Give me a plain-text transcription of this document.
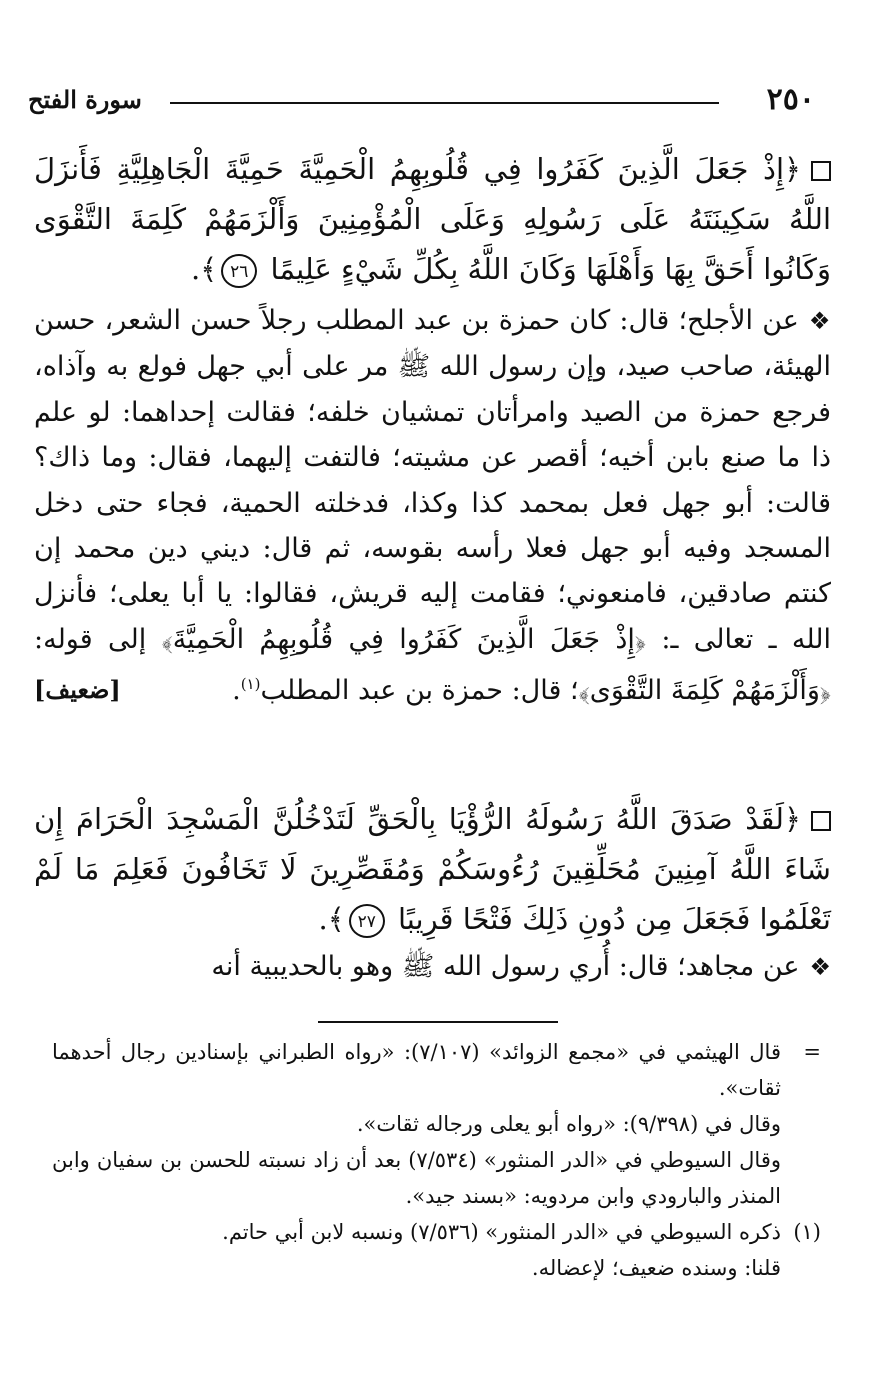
٢٥٠
سورة الفتح
﴿إِذْ جَعَلَ الَّذِينَ كَفَرُوا فِي قُلُوبِهِمُ الْحَمِيَّةَ حَمِيَّةَ الْجَاهِلِيَّةِ فَأَنزَلَ اللَّهُ سَكِينَتَهُ عَلَى رَسُولِهِ وَعَلَى الْمُؤْمِنِينَ وَأَلْزَمَهُمْ كَلِمَةَ التَّقْوَى وَكَانُوا أَحَقَّ بِهَا وَأَهْلَهَا وَكَانَ اللَّهُ بِكُلِّ شَيْءٍ عَلِيمًا ٢٦﴾.
❖عن الأجلح؛ قال: كان حمزة بن عبد المطلب رجلاً حسن الشعر، حسن الهيئة، صاحب صيد، وإن رسول الله ﷺ مر على أبي جهل فولع به وآذاه، فرجع حمزة من الصيد وامرأتان تمشيان خلفه؛ فقالت إحداهما: لو علم ذا ما صنع بابن أخيه؛ أقصر عن مشيته؛ فالتفت إليهما، فقال: وما ذاك؟ قالت: أبو جهل فعل بمحمد كذا وكذا، فدخلته الحمية، فجاء حتى دخل المسجد وفيه أبو جهل فعلا رأسه بقوسه، ثم قال: ديني دين محمد إن كنتم صادقين، فامنعوني؛ فقامت إليه قريش، فقالوا: يا أبا يعلى؛ فأنزل الله ـ تعالى ـ: ﴿إِذْ جَعَلَ الَّذِينَ كَفَرُوا فِي قُلُوبِهِمُ الْحَمِيَّةَ﴾ إلى قوله: ﴿وَأَلْزَمَهُمْ كَلِمَةَ التَّقْوَى﴾؛ قال: حمزة بن عبد المطلب$^{(١)}$.
[ضعيف]
﴿لَقَدْ صَدَقَ اللَّهُ رَسُولَهُ الرُّؤْيَا بِالْحَقِّ لَتَدْخُلُنَّ الْمَسْجِدَ الْحَرَامَ إِن شَاءَ اللَّهُ آمِنِينَ مُحَلِّقِينَ رُءُوسَكُمْ وَمُقَصِّرِينَ لَا تَخَافُونَ فَعَلِمَ مَا لَمْ تَعْلَمُوا فَجَعَلَ مِن دُونِ ذَلِكَ فَتْحًا قَرِيبًا ٢٧﴾.
❖عن مجاهد؛ قال: أُري رسول الله ﷺ وهو بالحديبية أنه
=
قال الهيثمي في «مجمع الزوائد» (٧/١٠٧): «رواه الطبراني بإسنادين رجال أحدهما ثقات».
وقال في (٩/٣٩٨): «رواه أبو يعلى ورجاله ثقات».
وقال السيوطي في «الدر المنثور» (٧/٥٣٤) بعد أن زاد نسبته للحسن بن سفيان وابن المنذر والبارودي وابن مردويه: «بسند جيد».
(١)
ذكره السيوطي في «الدر المنثور» (٧/٥٣٦) ونسبه لابن أبي حاتم.
قلنا: وسنده ضعيف؛ لإعضاله.
